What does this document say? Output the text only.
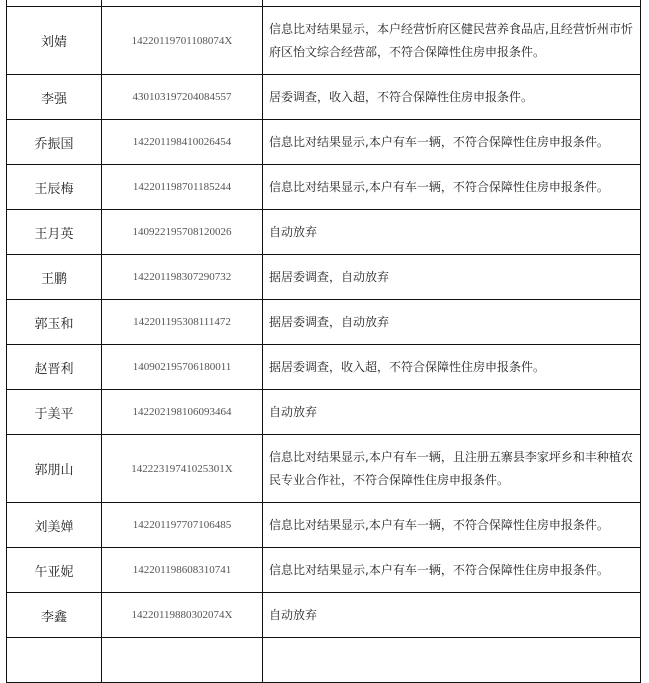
刘婧	14220119701108074X	信息比对结果显示，本户经营忻府区健民营养食品店,且经营忻州市忻府区怡文综合经营部，不符合保障性住房申报条件。
李强	430103197204084557	居委调查，收入超，不符合保障性住房申报条件。
乔振国	142201198410026454	信息比对结果显示,本户有车一辆，不符合保障性住房申报条件。
王辰梅	142201198701185244	信息比对结果显示,本户有车一辆，不符合保障性住房申报条件。
王月英	140922195708120026	自动放弃
王鹏	142201198307290732	据居委调查，自动放弃
郭玉和	142201195308111472	据居委调查，自动放弃
赵晋利	140902195706180011	据居委调查，收入超，不符合保障性住房申报条件。
于美平	142202198106093464	自动放弃
郭朋山	14222319741025301X	信息比对结果显示,本户有车一辆，且注册五寨县李家坪乡和丰种植农民专业合作社，不符合保障性住房申报条件。
刘美婵	142201197707106485	信息比对结果显示,本户有车一辆，不符合保障性住房申报条件。
午亚妮	142201198608310741	信息比对结果显示,本户有车一辆，不符合保障性住房申报条件。
李鑫	14220119880302074X	自动放弃
